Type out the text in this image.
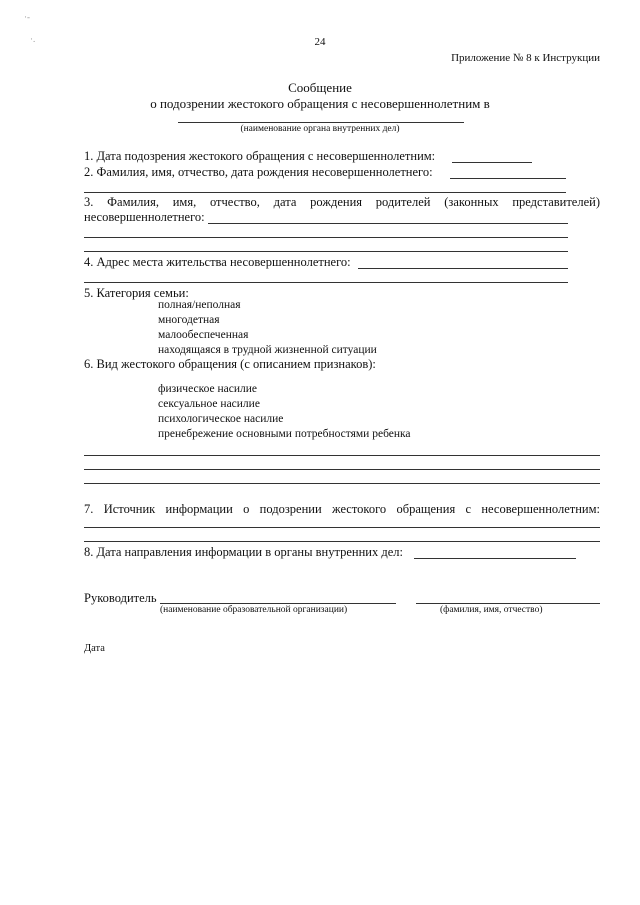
·-
·.	24
Приложение № 8 к Инструкции
Сообщение
о подозрении жестокого обращения с несовершеннолетним в
(наименование органа внутренних дел)
1. Дата подозрения жестокого обращения с несовершеннолетним:
2. Фамилия, имя, отчество, дата рождения несовершеннолетнего:
3. Фамилия, имя, отчество, дата рождения родителей (законных представителей)
несовершеннолетнего:
4. Адрес места жительства несовершеннолетнего:
5. Категория семьи:
полная/неполная
многодетная
малообеспеченная
находящаяся в трудной жизненной ситуации
6. Вид жестокого обращения (с описанием признаков):
физическое насилие
сексуальное насилие
психологическое насилие
пренебрежение основными потребностями ребенка
7. Источник информации о подозрении жестокого обращения с несовершеннолетним:
8. Дата направления информации в органы внутренних дел:
Руководитель
(наименование образовательной организации)	(фамилия, имя, отчество)
Дата
